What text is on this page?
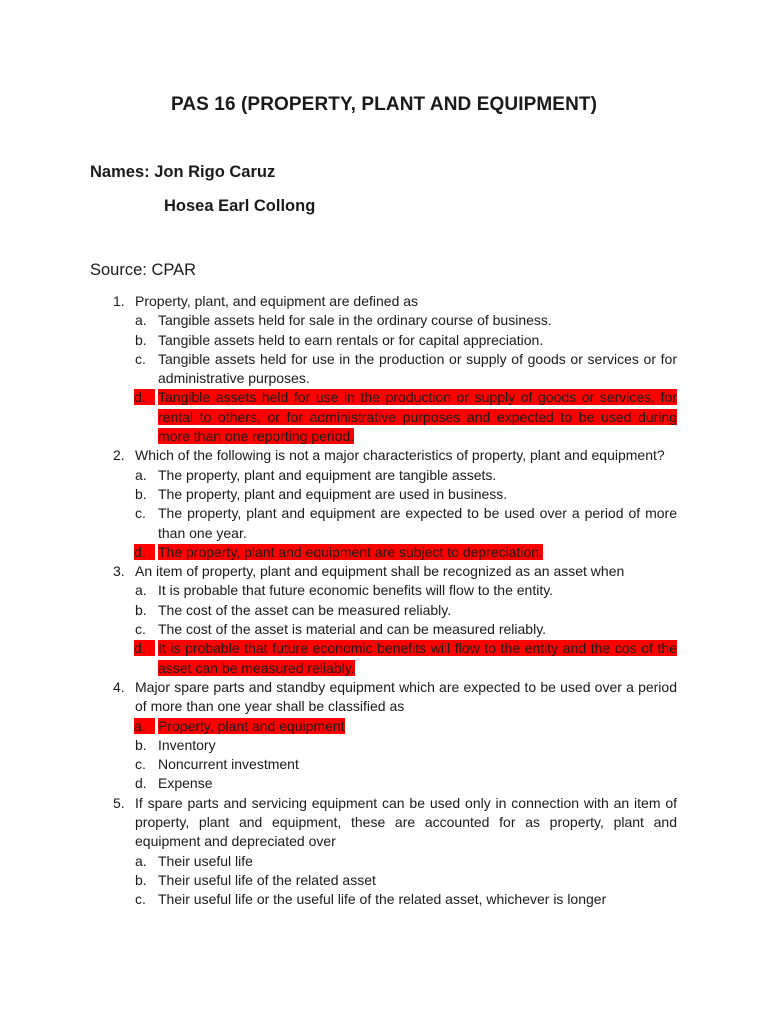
PAS 16 (PROPERTY, PLANT AND EQUIPMENT)
Names: Jon Rigo Caruz
Hosea Earl Collong
Source: CPAR
1. Property, plant, and equipment are defined as
a. Tangible assets held for sale in the ordinary course of business.
b. Tangible assets held to earn rentals or for capital appreciation.
c. Tangible assets held for use in the production or supply of goods or services or for administrative purposes.
d. Tangible assets held for use in the production or supply of goods or services, for rental to others, or for administrative purposes and expected to be used during more than one reporting period.
2. Which of the following is not a major characteristics of property, plant and equipment?
a. The property, plant and equipment are tangible assets.
b. The property, plant and equipment are used in business.
c. The property, plant and equipment are expected to be used over a period of more than one year.
d. The property, plant and equipment are subject to depreciation.
3. An item of property, plant and equipment shall be recognized as an asset when
a. It is probable that future economic benefits will flow to the entity.
b. The cost of the asset can be measured reliably.
c. The cost of the asset is material and can be measured reliably.
d. It is probable that future economic benefits will flow to the entity and the cos of the asset can be measured reliably.
4. Major spare parts and standby equipment which are expected to be used over a period of more than one year shall be classified as
a. Property, plant and equipment
b. Inventory
c. Noncurrent investment
d. Expense
5. If spare parts and servicing equipment can be used only in connection with an item of property, plant and equipment, these are accounted for as property, plant and equipment and depreciated over
a. Their useful life
b. Their useful life of the related asset
c. Their useful life or the useful life of the related asset, whichever is longer
